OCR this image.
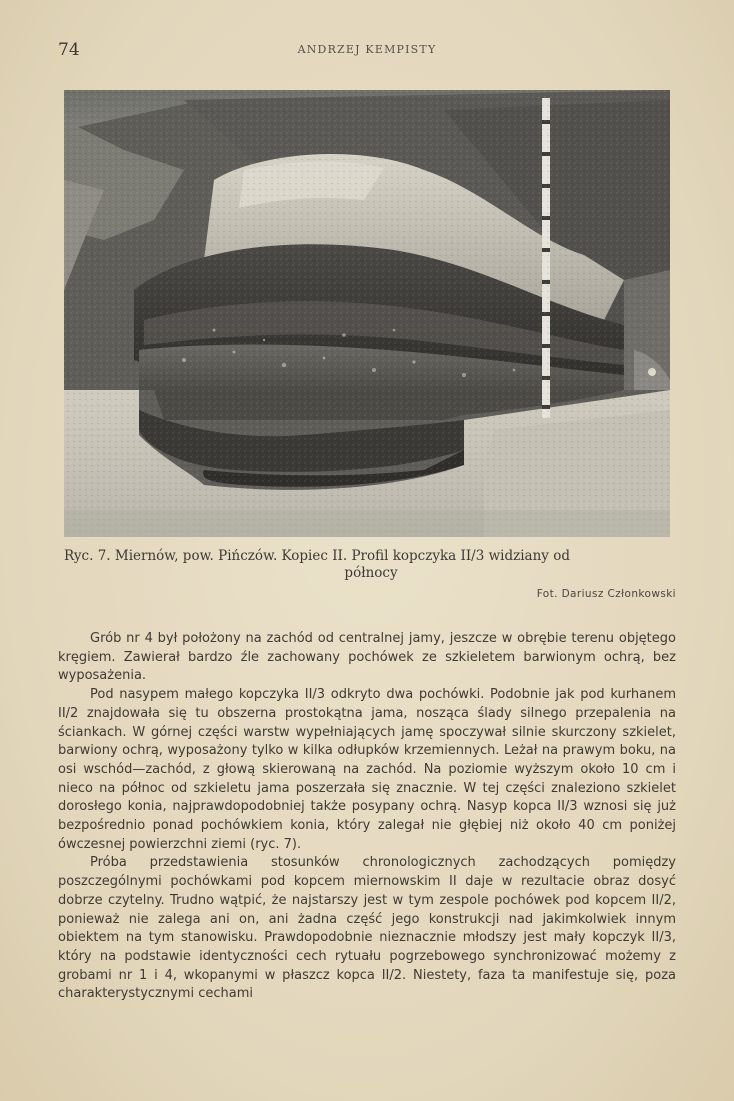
74	ANDRZEJ KEMPISTY
Ryc. 7. Miernów, pow. Pińczów. Kopiec II. Profil kopczyka II/3 widziany od
północy
Fot. Dariusz Członkowski

Grób nr 4 był położony na zachód od centralnej jamy, jeszcze w obrębie terenu objętego kręgiem. Zawierał bardzo źle zachowany pochówek ze szkieletem barwionym ochrą, bez wyposażenia.

Pod nasypem małego kopczyka II/3 odkryto dwa pochówki. Podobnie jak pod kurhanem II/2 znajdowała się tu obszerna prostokątna jama, nosząca ślady silnego przepalenia na ściankach. W górnej części warstw wypełniających jamę spoczywał silnie skurczony szkielet, barwiony ochrą, wyposażony tylko w kilka odłupków krzemiennych. Leżał na prawym boku, na osi wschód—zachód, z głową skierowaną na zachód. Na poziomie wyższym około 10 cm i nieco na północ od szkieletu jama poszerzała się znacznie. W tej części znaleziono szkielet dorosłego konia, najprawdopodobniej także posypany ochrą. Nasyp kopca II/3 wznosi się już bezpośrednio ponad pochówkiem konia, który zalegał nie głębiej niż około 40 cm poniżej ówczesnej powierzchni ziemi (ryc. 7).

Próba przedstawienia stosunków chronologicznych zachodzących pomiędzy poszczególnymi pochówkami pod kopcem miernowskim II daje w rezultacie obraz dosyć dobrze czytelny. Trudno wątpić, że najstarszy jest w tym zespole pochówek pod kopcem II/2, ponieważ nie zalega ani on, ani żadna część jego konstrukcji nad jakimkolwiek innym obiektem na tym stanowisku. Prawdopodobnie nieznacznie młodszy jest mały kopczyk II/3, który na podstawie identyczności cech rytuału pogrzebowego synchronizować możemy z grobami nr 1 i 4, wkopanymi w płaszcz kopca II/2. Niestety, faza ta manifestuje się, poza charakterystycznymi cechami
